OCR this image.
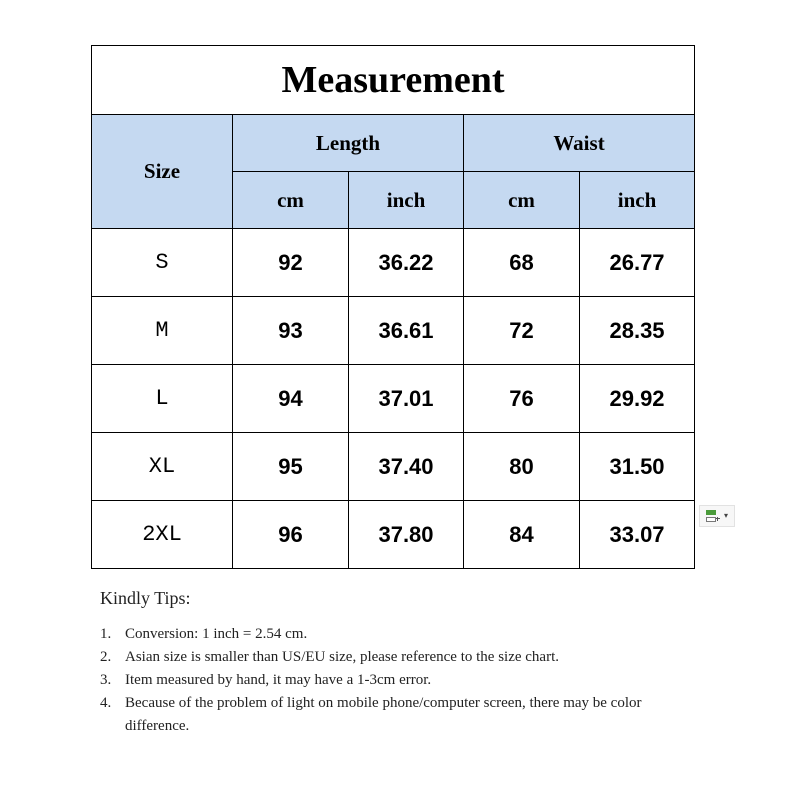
Measurement				
Size	Length		Waist	
	cm	inch	cm	inch
S	92	36.22	68	26.77
M	93	36.61	72	28.35
L	94	37.01	76	29.92
XL	95	37.40	80	31.50
2XL	96	37.80	84	33.07
▾
Kindly Tips:
1. Conversion: 1 inch = 2.54 cm.
2. Asian size is smaller than US/EU size, please reference to the size chart.
3. Item measured by hand, it may have a 1-3cm error.
4. Because of the problem of light on mobile phone/computer screen, there may be color difference.
